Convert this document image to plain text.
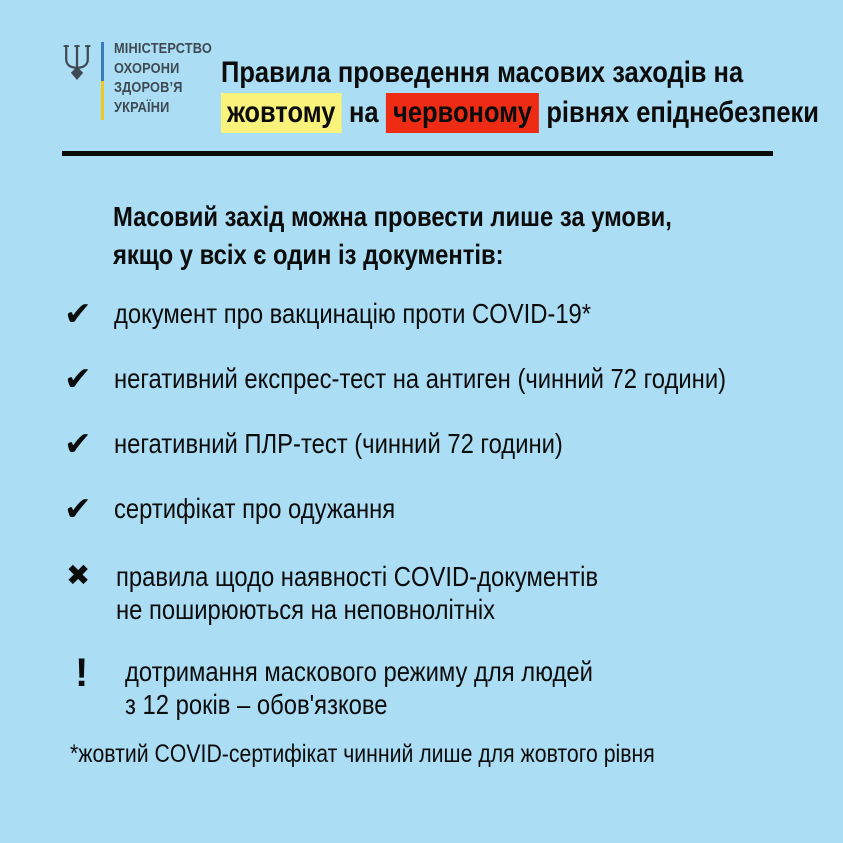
МІНІСТЕРСТВО
ОХОРОНИ
ЗДОРОВ’Я
УКРАЇНИ
Правила проведення масових заходів на
жовтому на червоному рівнях епіднебезпеки
Масовий захід можна провести лише за умови,
якщо у всіх є один із документів:
✔ документ про вакцинацію проти COVID-19*
✔ негативний експрес-тест на антиген (чинний 72 години)
✔ негативний ПЛР-тест (чинний 72 години)
✔ сертифікат про одужання
✖ правила щодо наявності COVID-документів
не поширюються на неповнолітніх
!	дотримання маскового режиму для людей
з 12 років – обов'язкове
*жовтий COVID-сертифікат чинний лише для жовтого рівня
